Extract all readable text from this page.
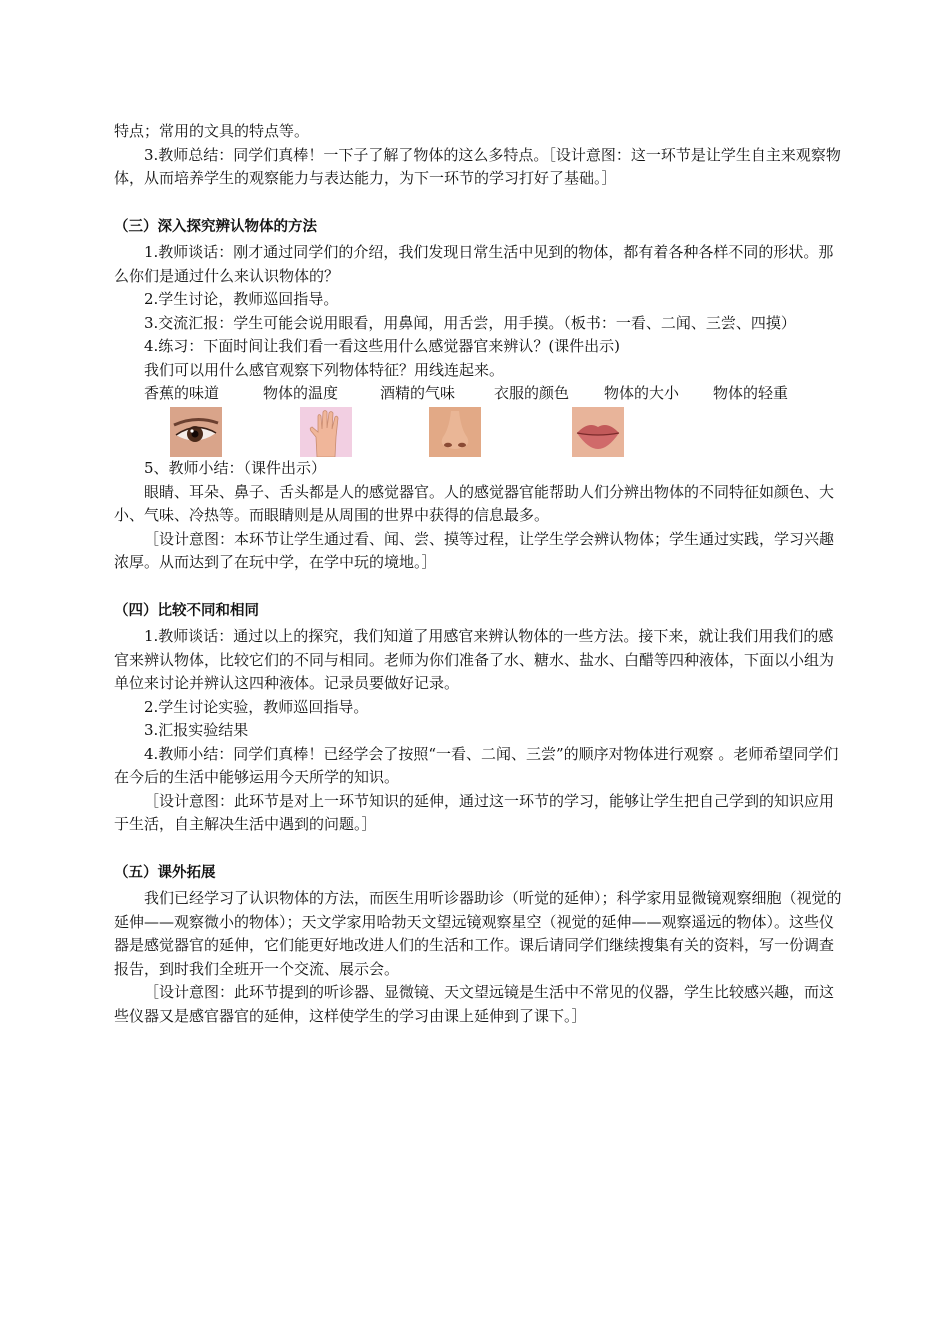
特点；常用的文具的特点等。

3.教师总结：同学们真棒！一下子了解了物体的这么多特点。［设计意图：这一环节是让学生自主来观察物体，从而培养学生的观察能力与表达能力，为下一环节的学习打好了基础。］

（三）深入探究辨认物体的方法

1.教师谈话：刚才通过同学们的介绍，我们发现日常生活中见到的物体，都有着各种各样不同的形状。那么你们是通过什么来认识物体的？

2.学生讨论，教师巡回指导。

3.交流汇报：学生可能会说用眼看，用鼻闻，用舌尝，用手摸。（板书：一看、二闻、三尝、四摸）

4.练习：下面时间让我们看一看这些用什么感觉器官来辨认？(课件出示)

我们可以用什么感官观察下列物体特征？用线连起来。

香蕉的味道	物体的温度	酒精的气味	衣服的颜色	物体的大小	物体的轻重

5、教师小结：（课件出示）

眼睛、耳朵、鼻子、舌头都是人的感觉器官。人的感觉器官能帮助人们分辨出物体的不同特征如颜色、大小、气味、冷热等。而眼睛则是从周围的世界中获得的信息最多。

［设计意图：本环节让学生通过看、闻、尝、摸等过程，让学生学会辨认物体；学生通过实践，学习兴趣浓厚。从而达到了在玩中学，在学中玩的境地。］

（四）比较不同和相同

1.教师谈话：通过以上的探究，我们知道了用感官来辨认物体的一些方法。接下来，就让我们用我们的感官来辨认物体，比较它们的不同与相同。老师为你们准备了水、糖水、盐水、白醋等四种液体，下面以小组为单位来讨论并辨认这四种液体。记录员要做好记录。

2.学生讨论实验，教师巡回指导。

3.汇报实验结果

4.教师小结：同学们真棒！已经学会了按照“一看、二闻、三尝”的顺序对物体进行观察 。老师希望同学们在今后的生活中能够运用今天所学的知识。

［设计意图：此环节是对上一环节知识的延伸，通过这一环节的学习，能够让学生把自己学到的知识应用于生活，自主解决生活中遇到的问题。］

（五）课外拓展

我们已经学习了认识物体的方法，而医生用听诊器助诊（听觉的延伸）；科学家用显微镜观察细胞（视觉的延伸——观察微小的物体）；天文学家用哈勃天文望远镜观察星空（视觉的延伸——观察遥远的物体）。这些仪器是感觉器官的延伸，它们能更好地改进人们的生活和工作。课后请同学们继续搜集有关的资料，写一份调查报告，到时我们全班开一个交流、展示会。

［设计意图：此环节提到的听诊器、显微镜、天文望远镜是生活中不常见的仪器，学生比较感兴趣，而这些仪器又是感官器官的延伸，这样使学生的学习由课上延伸到了课下。］
